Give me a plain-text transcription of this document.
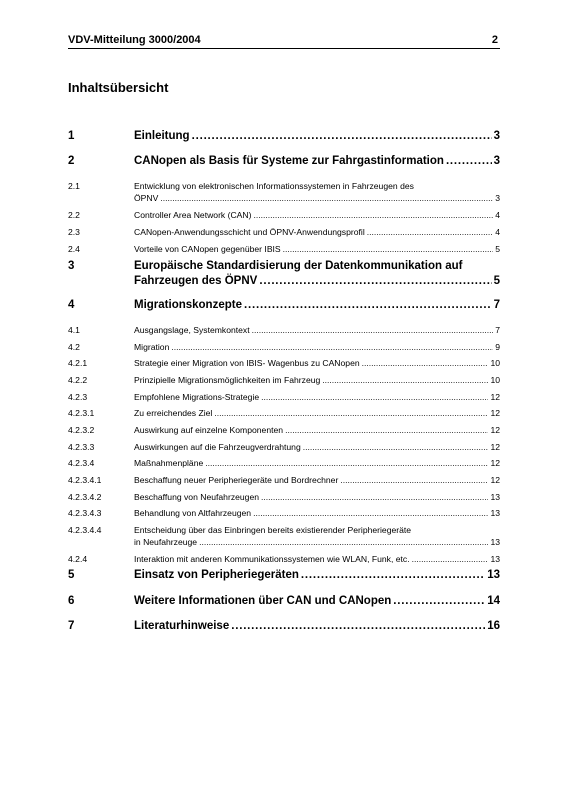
VDV-Mitteilung 3000/2004	2
Inhaltsübersicht
1	Einleitung . . .	3
2	CANopen als Basis für Systeme zur Fahrgastinformation . . .	3
2.1	Entwicklung von elektronischen Informationssystemen in Fahrzeugen des
ÖPNV . . .	3
2.2	Controller Area Network (CAN) . . .	4
2.3	CANopen-Anwendungsschicht und ÖPNV-Anwendungsprofil . . .	4
2.4	Vorteile von CANopen gegenüber IBIS . . .	5
3	Europäische Standardisierung der Datenkommunikation auf
Fahrzeugen des ÖPNV . . .	5
4	Migrationskonzepte . . .	7
4.1	Ausgangslage, Systemkontext . . .	7
4.2	Migration . . .	9
4.2.1	Strategie einer Migration von IBIS- Wagenbus zu CANopen . . .	10
4.2.2	Prinzipielle Migrationsmöglichkeiten im Fahrzeug . . .	10
4.2.3	Empfohlene Migrations-Strategie . . .	12
4.2.3.1	Zu erreichendes Ziel . . .	12
4.2.3.2	Auswirkung auf einzelne Komponenten . . .	12
4.2.3.3	Auswirkungen auf die Fahrzeugverdrahtung . . .	12
4.2.3.4	Maßnahmenpläne . . .	12
4.2.3.4.1	Beschaffung neuer Peripheriegeräte und Bordrechner . . .	12
4.2.3.4.2	Beschaffung von Neufahrzeugen . . .	13
4.2.3.4.3	Behandlung von Altfahrzeugen . . .	13
4.2.3.4.4	Entscheidung über das Einbringen bereits existierender Peripheriegeräte
in Neufahrzeuge . . .	13
4.2.4	Interaktion mit anderen Kommunikationssystemen wie WLAN, Funk, etc. . . .	13
5	Einsatz von Peripheriegeräten . . .	13
6	Weitere Informationen über CAN und CANopen . . .	14
7	Literaturhinweise . . .	16
